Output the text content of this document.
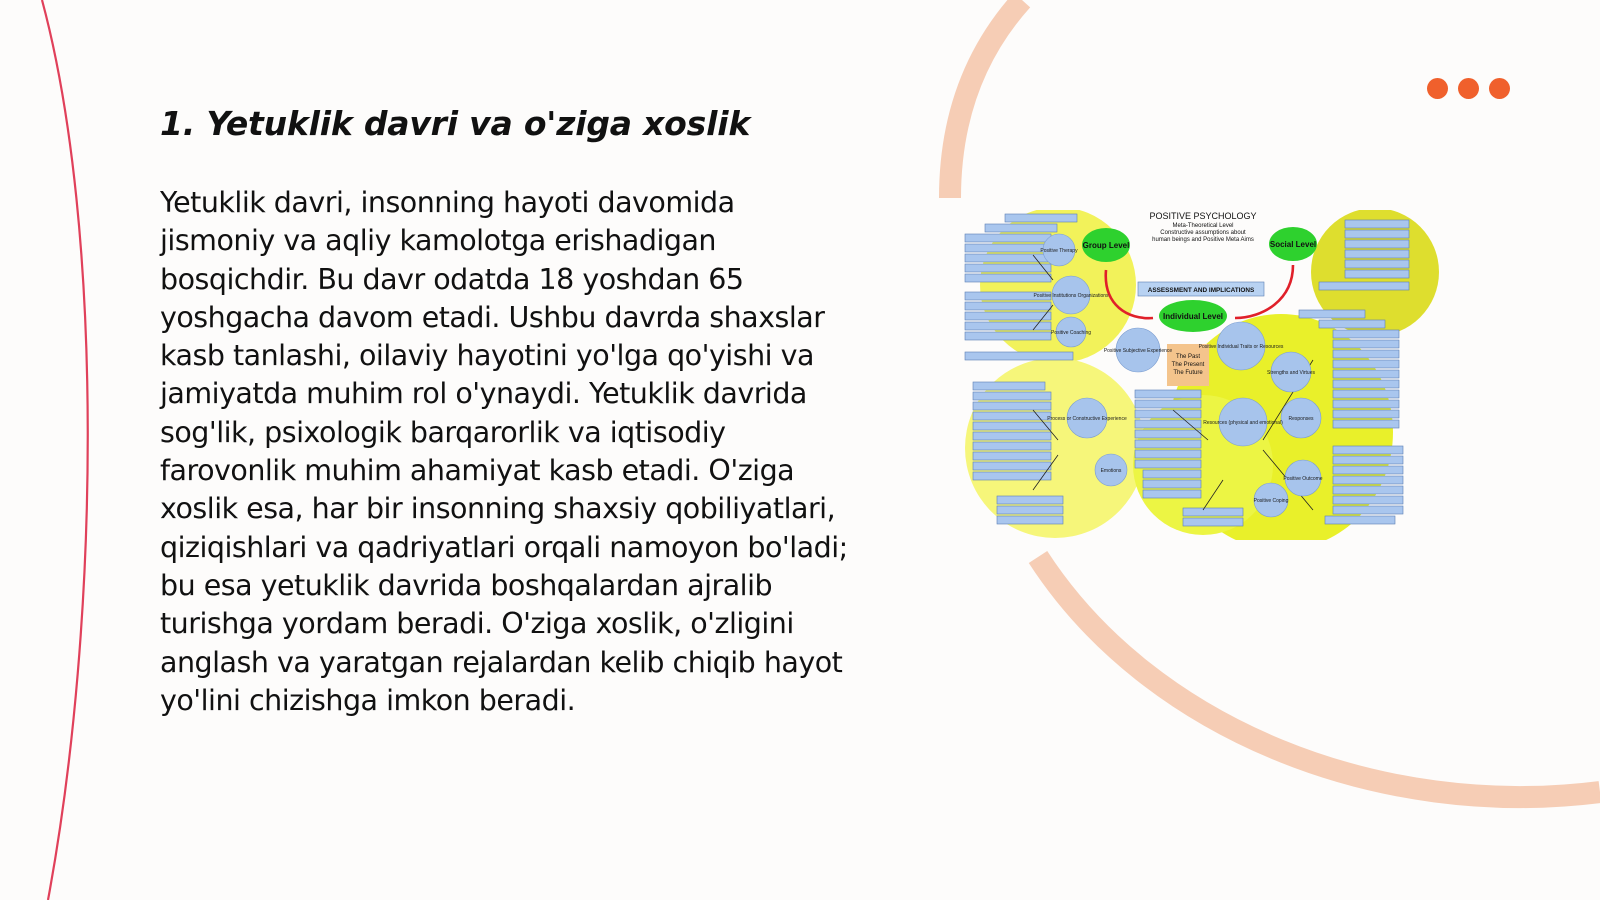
1. Yetuklik davri va o'ziga xoslik

Yetuklik davri, insonning hayoti davomida jismoniy va aqliy kamolotga erishadigan bosqichdir. Bu davr odatda 18 yoshdan 65 yoshgacha davom etadi. Ushbu davrda shaxslar kasb tanlashi, oilaviy hayotini yo'lga qo'yishi va jamiyatda muhim rol o'ynaydi. Yetuklik davrida sog'lik, psixologik barqarorlik va iqtisodiy farovonlik muhim ahamiyat kasb etadi. O'ziga xoslik esa, har bir insonning shaxsiy qobiliyatlari, qiziqishlari va qadriyatlari orqali namoyon bo'ladi; bu esa yetuklik davrida boshqalardan ajralib turishga yordam beradi. O'ziga xoslik, o'zligini anglash va yaratgan rejalardan kelib chiqib hayot yo'lini chizishga imkon beradi.

POSITIVE PSYCHOLOGY
Meta-Theoretical Level
Constructive assumptions about
human beings and Positive Meta Aims
ASSESSMENT AND IMPLICATIONS
Group Level	Social Level
Individual Level
The Past
The Present
The Future
Positive Therapy
Positive Institutions Organizations
Positive Coaching
Positive Subjective Experience
Positive Individual Traits or Resources
Strengths and Virtues
Responses
Resources (physical and emotional)
Process or Constructive Experience
Emotions
Positive Outcome
Positive Coping
